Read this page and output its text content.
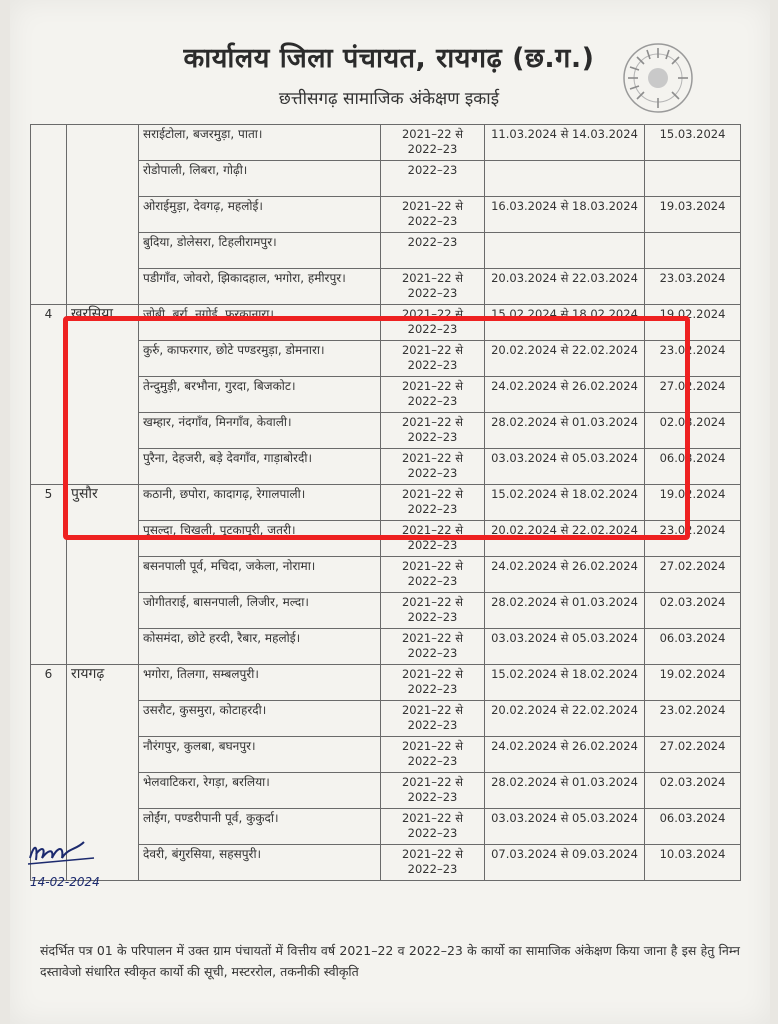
कार्यालय जिला पंचायत, रायगढ़ (छ.ग.)
छत्तीसगढ़ सामाजिक अंकेक्षण इकाई
		सराईटोला, बजरमुड़ा, पाता।	2021–22 से 2022–23	11.03.2024 से 14.03.2024	15.03.2024
		रोडोपाली, लिबरा, गोढ़ी।	2022–23		
		ओराईमुड़ा, देवगढ़, महलोई।	2021–22 से 2022–23	16.03.2024 से 18.03.2024	19.03.2024
		बुदिया, डोलेसरा, टिहलीरामपुर।	2022–23		
		पडीगाँव, जोवरो, झिकादहाल, भगोरा, हमीरपुर।	2021–22 से 2022–23	20.03.2024 से 22.03.2024	23.03.2024
4	खरसिया	जोबी, बर्रा, नगोई, फरकानारा।	2021–22 से 2022–23	15.02.2024 से 18.02.2024	19.02.2024
		कुर्रु, काफरगार, छोटे पण्डरमुड़ा, डोमनारा।	2021–22 से 2022–23	20.02.2024 से 22.02.2024	23.02.2024
		तेन्दुमुड़ी, बरभौना, गुरदा, बिजकोट।	2021–22 से 2022–23	24.02.2024 से 26.02.2024	27.02.2024
		खम्हार, नंदगाँव, मिनगाँव, केवाली।	2021–22 से 2022–23	28.02.2024 से 01.03.2024	02.03.2024
		पुरैना, देहजरी, बड़े देवगाँव, गाड़ाबोरदी।	2021–22 से 2022–23	03.03.2024 से 05.03.2024	06.03.2024
5	पुसौर	कठानी, छपोरा, कादागढ़, रेगालपाली।	2021–22 से 2022–23	15.02.2024 से 18.02.2024	19.02.2024
		पुसल्दा, चिखली, पुटकापुरी, जतरी।	2021–22 से 2022–23	20.02.2024 से 22.02.2024	23.02.2024
		बसनपाली पूर्व, मचिदा, जकेला, नोरामा।	2021–22 से 2022–23	24.02.2024 से 26.02.2024	27.02.2024
		जोगीतराई, बासनपाली, लिजीर, मल्दा।	2021–22 से 2022–23	28.02.2024 से 01.03.2024	02.03.2024
		कोसमंदा, छोटे हरदी, रैबार, महलोई।	2021–22 से 2022–23	03.03.2024 से 05.03.2024	06.03.2024
6	रायगढ़	भगोरा, तिलगा, सम्बलपुरी।	2021–22 से 2022–23	15.02.2024 से 18.02.2024	19.02.2024
		उसरौट, कुसमुरा, कोटाहरदी।	2021–22 से 2022–23	20.02.2024 से 22.02.2024	23.02.2024
		नौरंगपुर, कुलबा, बघनपुर।	2021–22 से 2022–23	24.02.2024 से 26.02.2024	27.02.2024
		भेलवाटिकरा, रेगड़ा, बरलिया।	2021–22 से 2022–23	28.02.2024 से 01.03.2024	02.03.2024
		लोईंग, पण्डरीपानी पूर्व, कुकुर्दा।	2021–22 से 2022–23	03.03.2024 से 05.03.2024	06.03.2024
		देवरी, बंगुरसिया, सहसपुरी।	2021–22 से 2022–23	07.03.2024 से 09.03.2024	10.03.2024
14-02-2024
संदर्भित पत्र 01 के परिपालन में उक्त ग्राम पंचायतों में वित्तीय वर्ष 2021–22 व 2022–23 के कार्यो का सामाजिक अंकेक्षण किया जाना है इस हेतु निम्न दस्तावेजो संधारित स्वीकृत कार्यो की सूची, मस्टररोल, तकनीकी स्वीकृति
